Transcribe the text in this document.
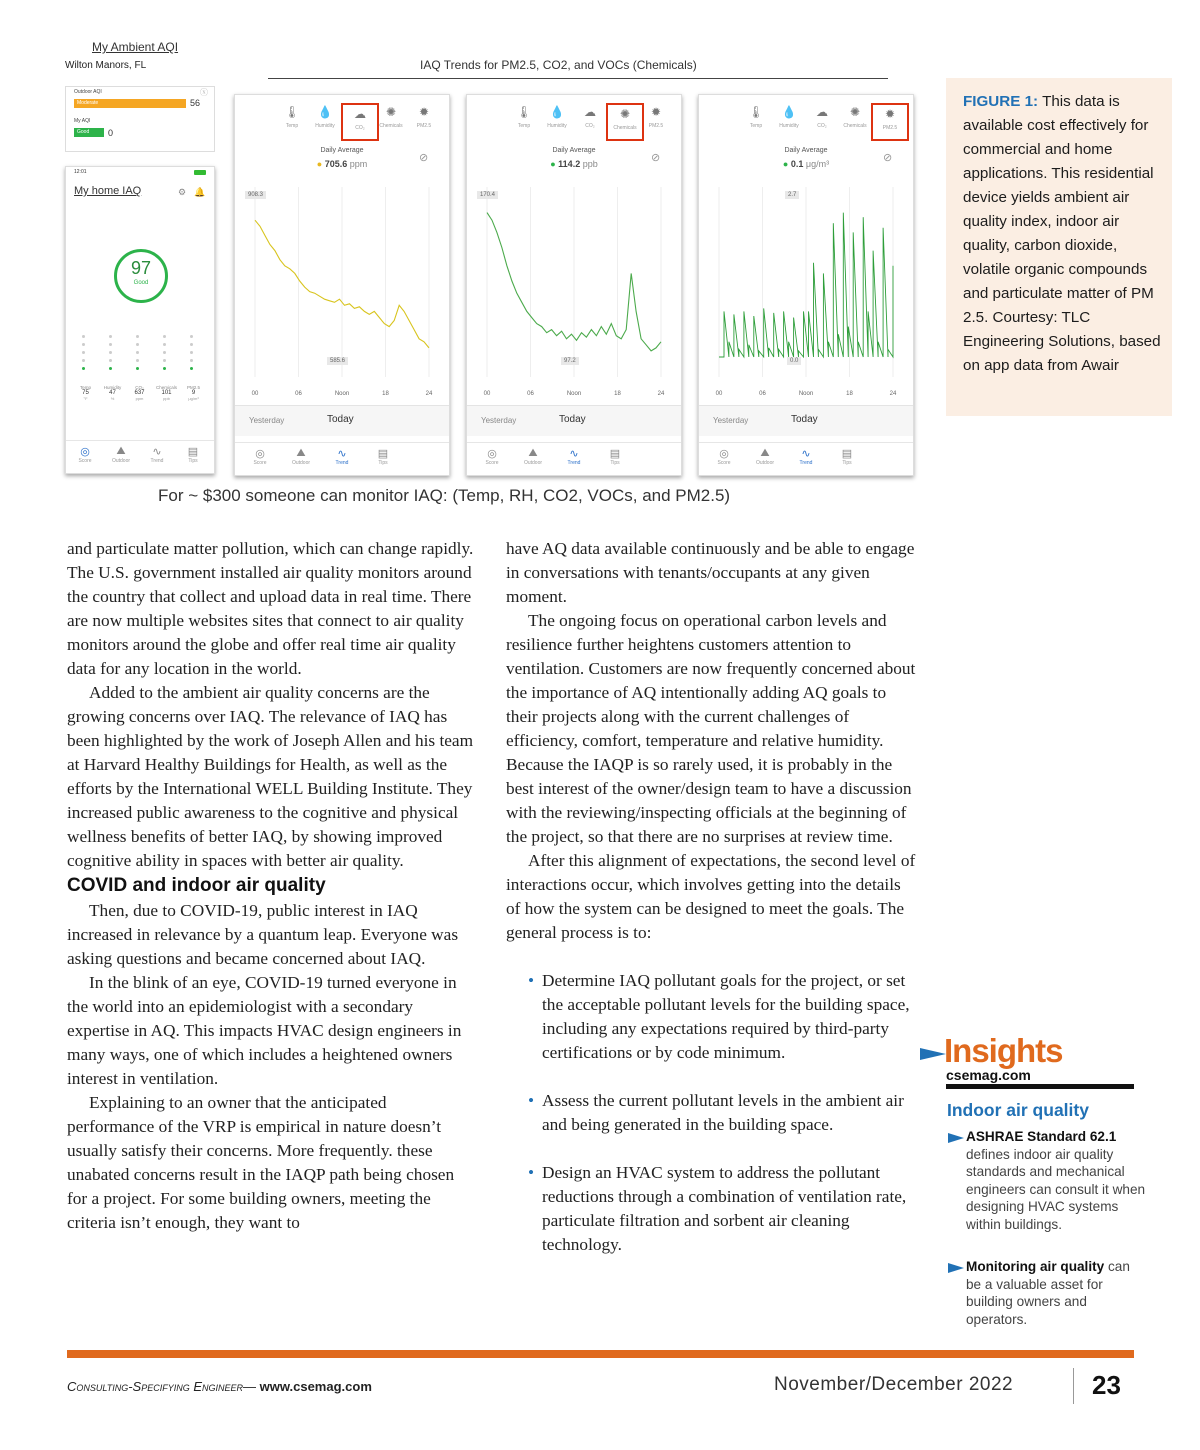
My Ambient AQI
Wilton Manors, FL	IAQ Trends for PM2.5, CO2, and VOCs (Chemicals)
Outdoor AQI	ⓧ
Moderate	56
My AQI
Good 0
12:01
My home IAQ	⚙ 🔔
97
Good
Temp
75
°F
Humidity
47
%
CO₂
637
ppm
Chemicals
101
ppb
PM2.5
9
μg/m³
◎
Score
⛰
Outdoor
∿
Trend
▤
Tips
🌡
Temp
💧
Humidity
☁
CO₂
✺
Chemicals
✹
PM2.5
Daily Average
● 705.6 ppm	⊘
908.3
585.6
00	06	Noon	18	24
Yesterday	Today
◎
Score
⛰
Outdoor
∿
Trend
▤
Tips
🌡
Temp
💧
Humidity
☁
CO₂
✺
Chemicals
✹
PM2.5
Daily Average
● 114.2 ppb	⊘
170.4
97.2
00	06	Noon	18	24
Yesterday	Today
◎
Score
⛰
Outdoor
∿
Trend
▤
Tips
🌡
Temp
💧
Humidity
☁
CO₂
✺
Chemicals
✹
PM2.5
Daily Average
● 0.1 μg/m³	⊘
2.7
0.0
00	06	Noon	18	24
Yesterday	Today
◎
Score
⛰
Outdoor
∿
Trend
▤
Tips
For ~ $300 someone can monitor IAQ: (Temp, RH, CO2, VOCs, and PM2.5)

FIGURE 1: This data is available cost effectively for commercial and home applications. This residential device yields ambient air quality index, indoor air quality, carbon dioxide, volatile organic compounds and particulate matter of PM 2.5. Courtesy: TLC Engineering Solutions, based on app data from Awair

and particulate matter pollution, which can change rapidly. The U.S. government installed air quality monitors around the country that collect and upload data in real time. There are now multiple websites sites that connect to air quality monitors around the globe and offer real time air quality data for any location in the world.

Added to the ambient air quality concerns are the growing concerns over IAQ. The relevance of IAQ has been highlighted by the work of Joseph Allen and his team at Harvard Healthy Buildings for Health, as well as the efforts by the International WELL Building Institute. They increased public awareness to the cognitive and physical wellness benefits of better IAQ, by showing improved cognitive ability in spaces with better air quality.

COVID and indoor air quality

Then, due to COVID-19, public interest in IAQ increased in relevance by a quantum leap. Everyone was asking questions and became concerned about IAQ.

In the blink of an eye, COVID-19 turned everyone in the world into an epidemiologist with a secondary expertise in AQ. This impacts HVAC design engineers in many ways, one of which includes a heightened owners interest in ventilation.

Explaining to an owner that the anticipated performance of the VRP is empirical in nature doesn’t usually satisfy their concerns. More frequently. these unabated concerns result in the IAQP path being chosen for a project. For some building owners, meeting the criteria isn’t enough, they want to

have AQ data available continuously and be able to engage in conversations with tenants/occupants at any given moment.

The ongoing focus on operational carbon levels and resilience further heightens customers attention to ventilation. Customers are now frequently concerned about the importance of AQ intentionally adding AQ goals to their projects along with the current challenges of efficiency, comfort, temperature and relative humidity. Because the IAQP is so rarely used, it is probably in the best interest of the owner/design team to have a discussion with the reviewing/inspecting officials at the beginning of the project, so that there are no surprises at review time.

After this alignment of expectations, the second level of interactions occur, which involves getting into the details of how the system can be designed to meet the goals. The general process is to:

• Determine IAQ pollutant goals for the project, or set the acceptable pollutant levels for the building space, including any expectations required by third-party certifications or by code minimum.
• Assess the current pollutant levels in the ambient air and being generated in the building space.
• Design an HVAC system to address the pollutant reductions through a combination of ventilation rate, particulate filtration and sorbent air cleaning technology.
Insights
csemag.com
Indoor air quality
ASHRAE Standard 62.1 defines indoor air quality standards and mechanical engineers can consult it when designing HVAC systems within buildings.
Monitoring air quality can be a valuable asset for building owners and operators.
Consulting-Specifying Engineer— www.csemag.com	November/December 2022	23
